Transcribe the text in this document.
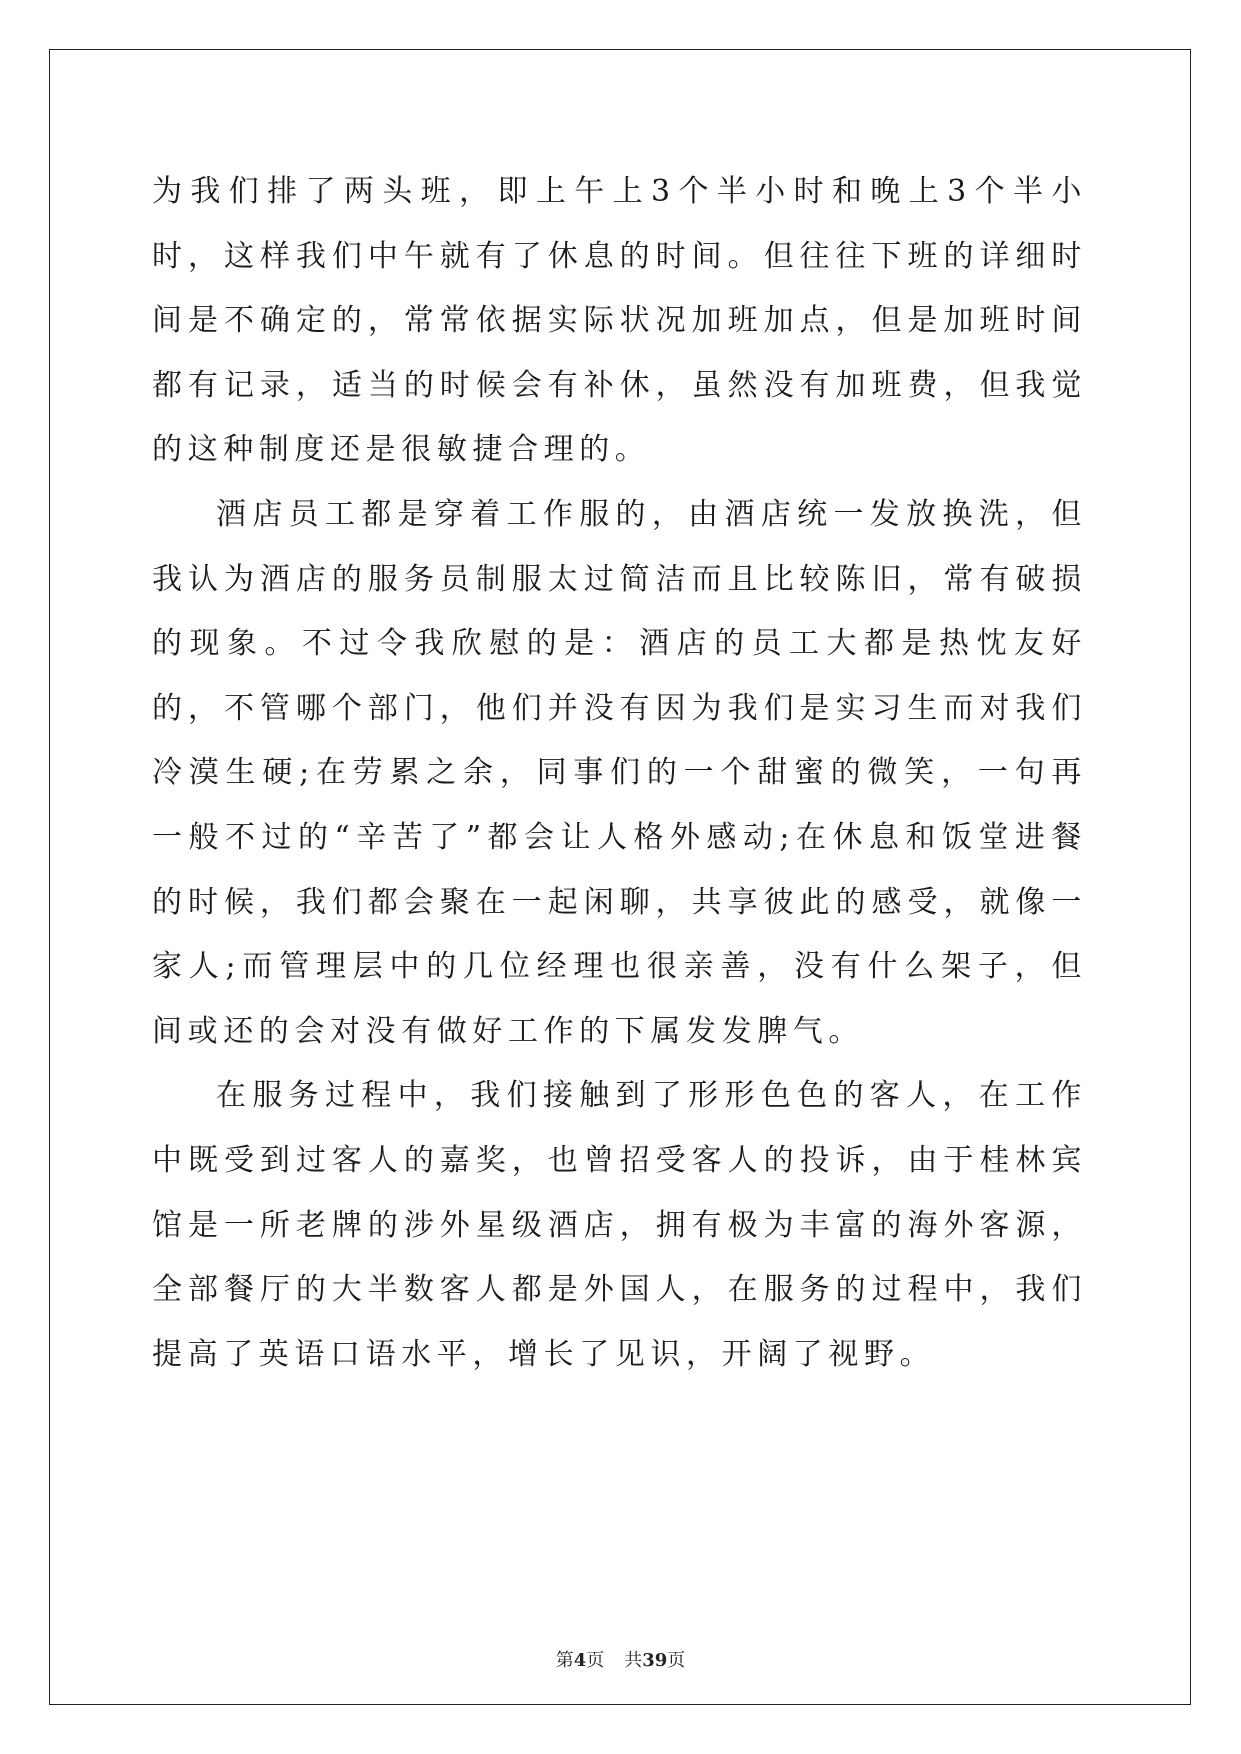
为我们排了两头班，即上午上3个半小时和晚上3个半小时，这样我们中午就有了休息的时间。但往往下班的详细时间是不确定的，常常依据实际状况加班加点，但是加班时间都有记录，适当的时候会有补休，虽然没有加班费，但我觉的这种制度还是很敏捷合理的。

酒店员工都是穿着工作服的，由酒店统一发放换洗，但我认为酒店的服务员制服太过简洁而且比较陈旧，常有破损的现象。不过令我欣慰的是：酒店的员工大都是热忱友好的，不管哪个部门，他们并没有因为我们是实习生而对我们冷漠生硬;在劳累之余，同事们的一个甜蜜的微笑，一句再一般不过的“辛苦了”都会让人格外感动;在休息和饭堂进餐的时候，我们都会聚在一起闲聊，共享彼此的感受，就像一家人;而管理层中的几位经理也很亲善，没有什么架子，但间或还的会对没有做好工作的下属发发脾气。

在服务过程中，我们接触到了形形色色的客人，在工作中既受到过客人的嘉奖，也曾招受客人的投诉，由于桂林宾馆是一所老牌的涉外星级酒店，拥有极为丰富的海外客源，全部餐厅的大半数客人都是外国人，在服务的过程中，我们提高了英语口语水平，增长了见识，开阔了视野。

第4页 共39页
